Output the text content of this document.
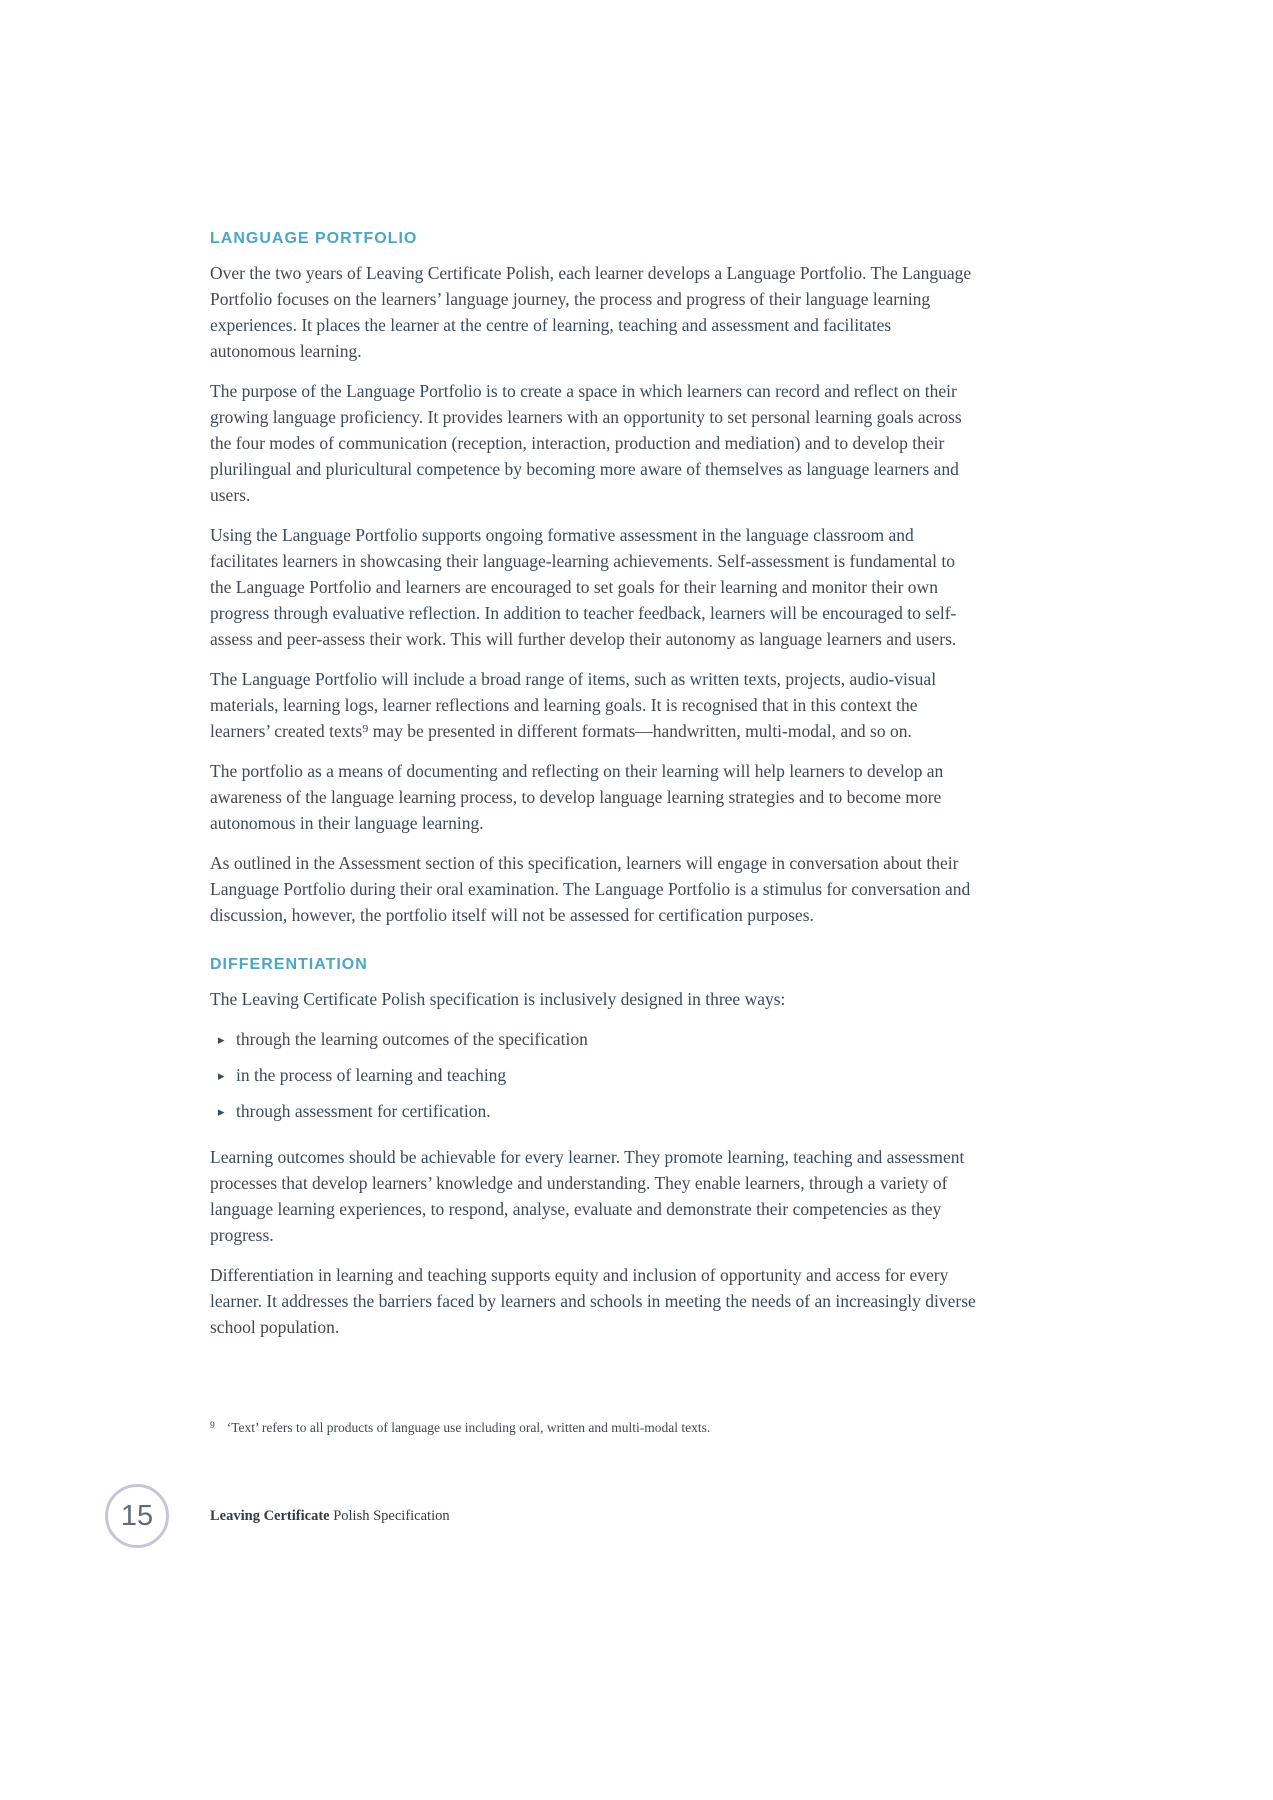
LANGUAGE PORTFOLIO

Over the two years of Leaving Certificate Polish, each learner develops a Language Portfolio. The Language Portfolio focuses on the learners’ language journey, the process and progress of their language learning experiences. It places the learner at the centre of learning, teaching and assessment and facilitates autonomous learning.

The purpose of the Language Portfolio is to create a space in which learners can record and reflect on their growing language proficiency. It provides learners with an opportunity to set personal learning goals across the four modes of communication (reception, interaction, production and mediation) and to develop their plurilingual and pluricultural competence by becoming more aware of themselves as language learners and users.

Using the Language Portfolio supports ongoing formative assessment in the language classroom and facilitates learners in showcasing their language-learning achievements. Self-assessment is fundamental to the Language Portfolio and learners are encouraged to set goals for their learning and monitor their own progress through evaluative reflection. In addition to teacher feedback, learners will be encouraged to self-assess and peer-assess their work. This will further develop their autonomy as language learners and users.

The Language Portfolio will include a broad range of items, such as written texts, projects, audio-visual materials, learning logs, learner reflections and learning goals. It is recognised that in this context the learners’ created texts⁹ may be presented in different formats—handwritten, multi-modal, and so on.

The portfolio as a means of documenting and reflecting on their learning will help learners to develop an awareness of the language learning process, to develop language learning strategies and to become more autonomous in their language learning.

As outlined in the Assessment section of this specification, learners will engage in conversation about their Language Portfolio during their oral examination. The Language Portfolio is a stimulus for conversation and discussion, however, the portfolio itself will not be assessed for certification purposes.

DIFFERENTIATION

The Leaving Certificate Polish specification is inclusively designed in three ways:

▸ through the learning outcomes of the specification
▸ in the process of learning and teaching
▸ through assessment for certification.

Learning outcomes should be achievable for every learner. They promote learning, teaching and assessment processes that develop learners’ knowledge and understanding. They enable learners, through a variety of language learning experiences, to respond, analyse, evaluate and demonstrate their competencies as they progress.

Differentiation in learning and teaching supports equity and inclusion of opportunity and access for every learner. It addresses the barriers faced by learners and schools in meeting the needs of an increasingly diverse school population.

$^9$ ‘Text’ refers to all products of language use including oral, written and multi-modal texts.
15	Leaving Certificate Polish Specification
